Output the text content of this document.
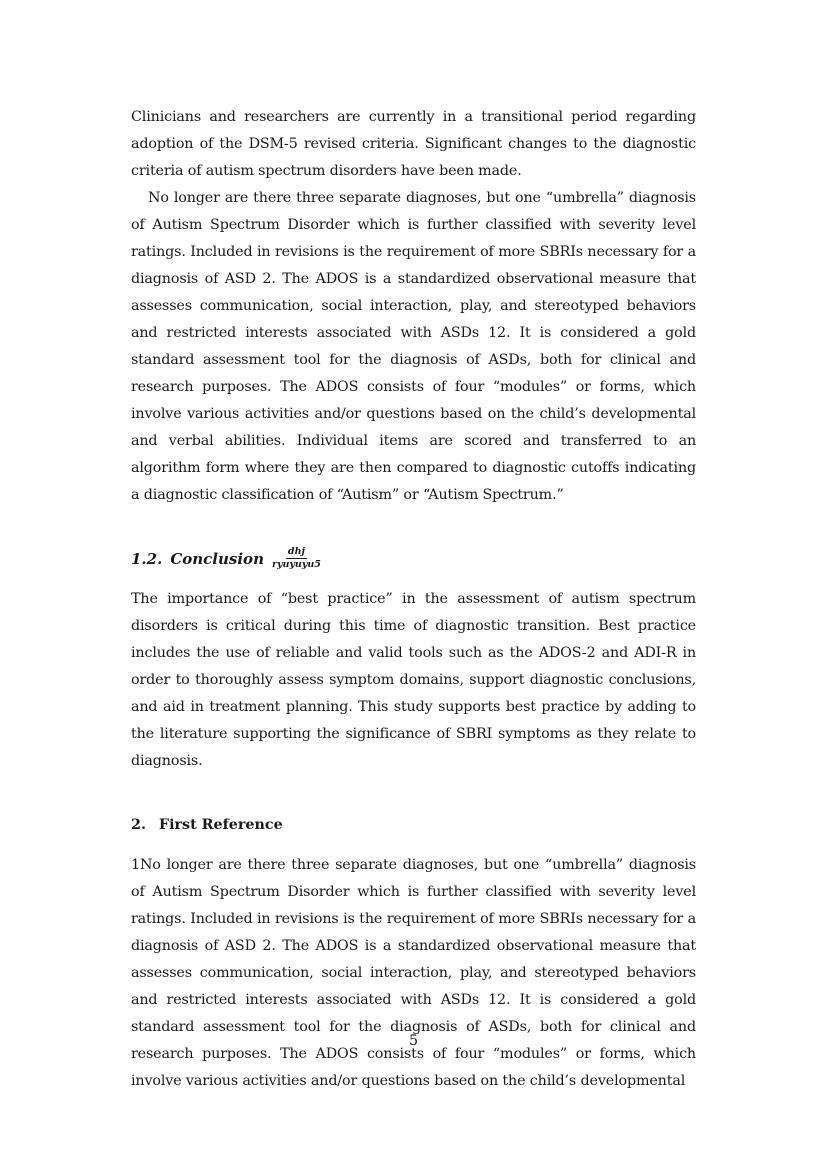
Clinicians and researchers are currently in a transitional period regarding adoption of the DSM-5 revised criteria. Significant changes to the diagnostic criteria of autism spectrum disorders have been made.

No longer are there three separate diagnoses, but one “umbrella” diagnosis of Autism Spectrum Disorder which is further classified with severity level ratings. Included in revisions is the requirement of more SBRIs necessary for a diagnosis of ASD 2. The ADOS is a standardized observational measure that assesses communication, social interaction, play, and stereotyped behaviors and restricted interests associated with ASDs 12. It is considered a gold standard assessment tool for the diagnosis of ASDs, both for clinical and research purposes. The ADOS consists of four “modules” or forms, which involve various activities and/or questions based on the child’s developmental and verbal abilities. Individual items are scored and transferred to an algorithm form where they are then compared to diagnostic cutoffs indicating a diagnostic classification of “Autism” or “Autism Spectrum.”

1.2. Conclusion $\frac{\text{dhj}}{\text{ryuyuyu5}}$

The importance of “best practice” in the assessment of autism spectrum disorders is critical during this time of diagnostic transition. Best practice includes the use of reliable and valid tools such as the ADOS-2 and ADI-R in order to thoroughly assess symptom domains, support diagnostic conclusions, and aid in treatment planning. This study supports best practice by adding to the literature supporting the significance of SBRI symptoms as they relate to diagnosis.

2. First Reference

1No longer are there three separate diagnoses, but one “umbrella” diagnosis of Autism Spectrum Disorder which is further classified with severity level ratings. Included in revisions is the requirement of more SBRIs necessary for a diagnosis of ASD 2. The ADOS is a standardized observational measure that assesses communication, social interaction, play, and stereotyped behaviors and restricted interests associated with ASDs 12. It is considered a gold standard assessment tool for the diagnosis of ASDs, both for clinical and research purposes. The ADOS consists of four “modules” or forms, which involve various activities and/or questions based on the child’s developmental

5
